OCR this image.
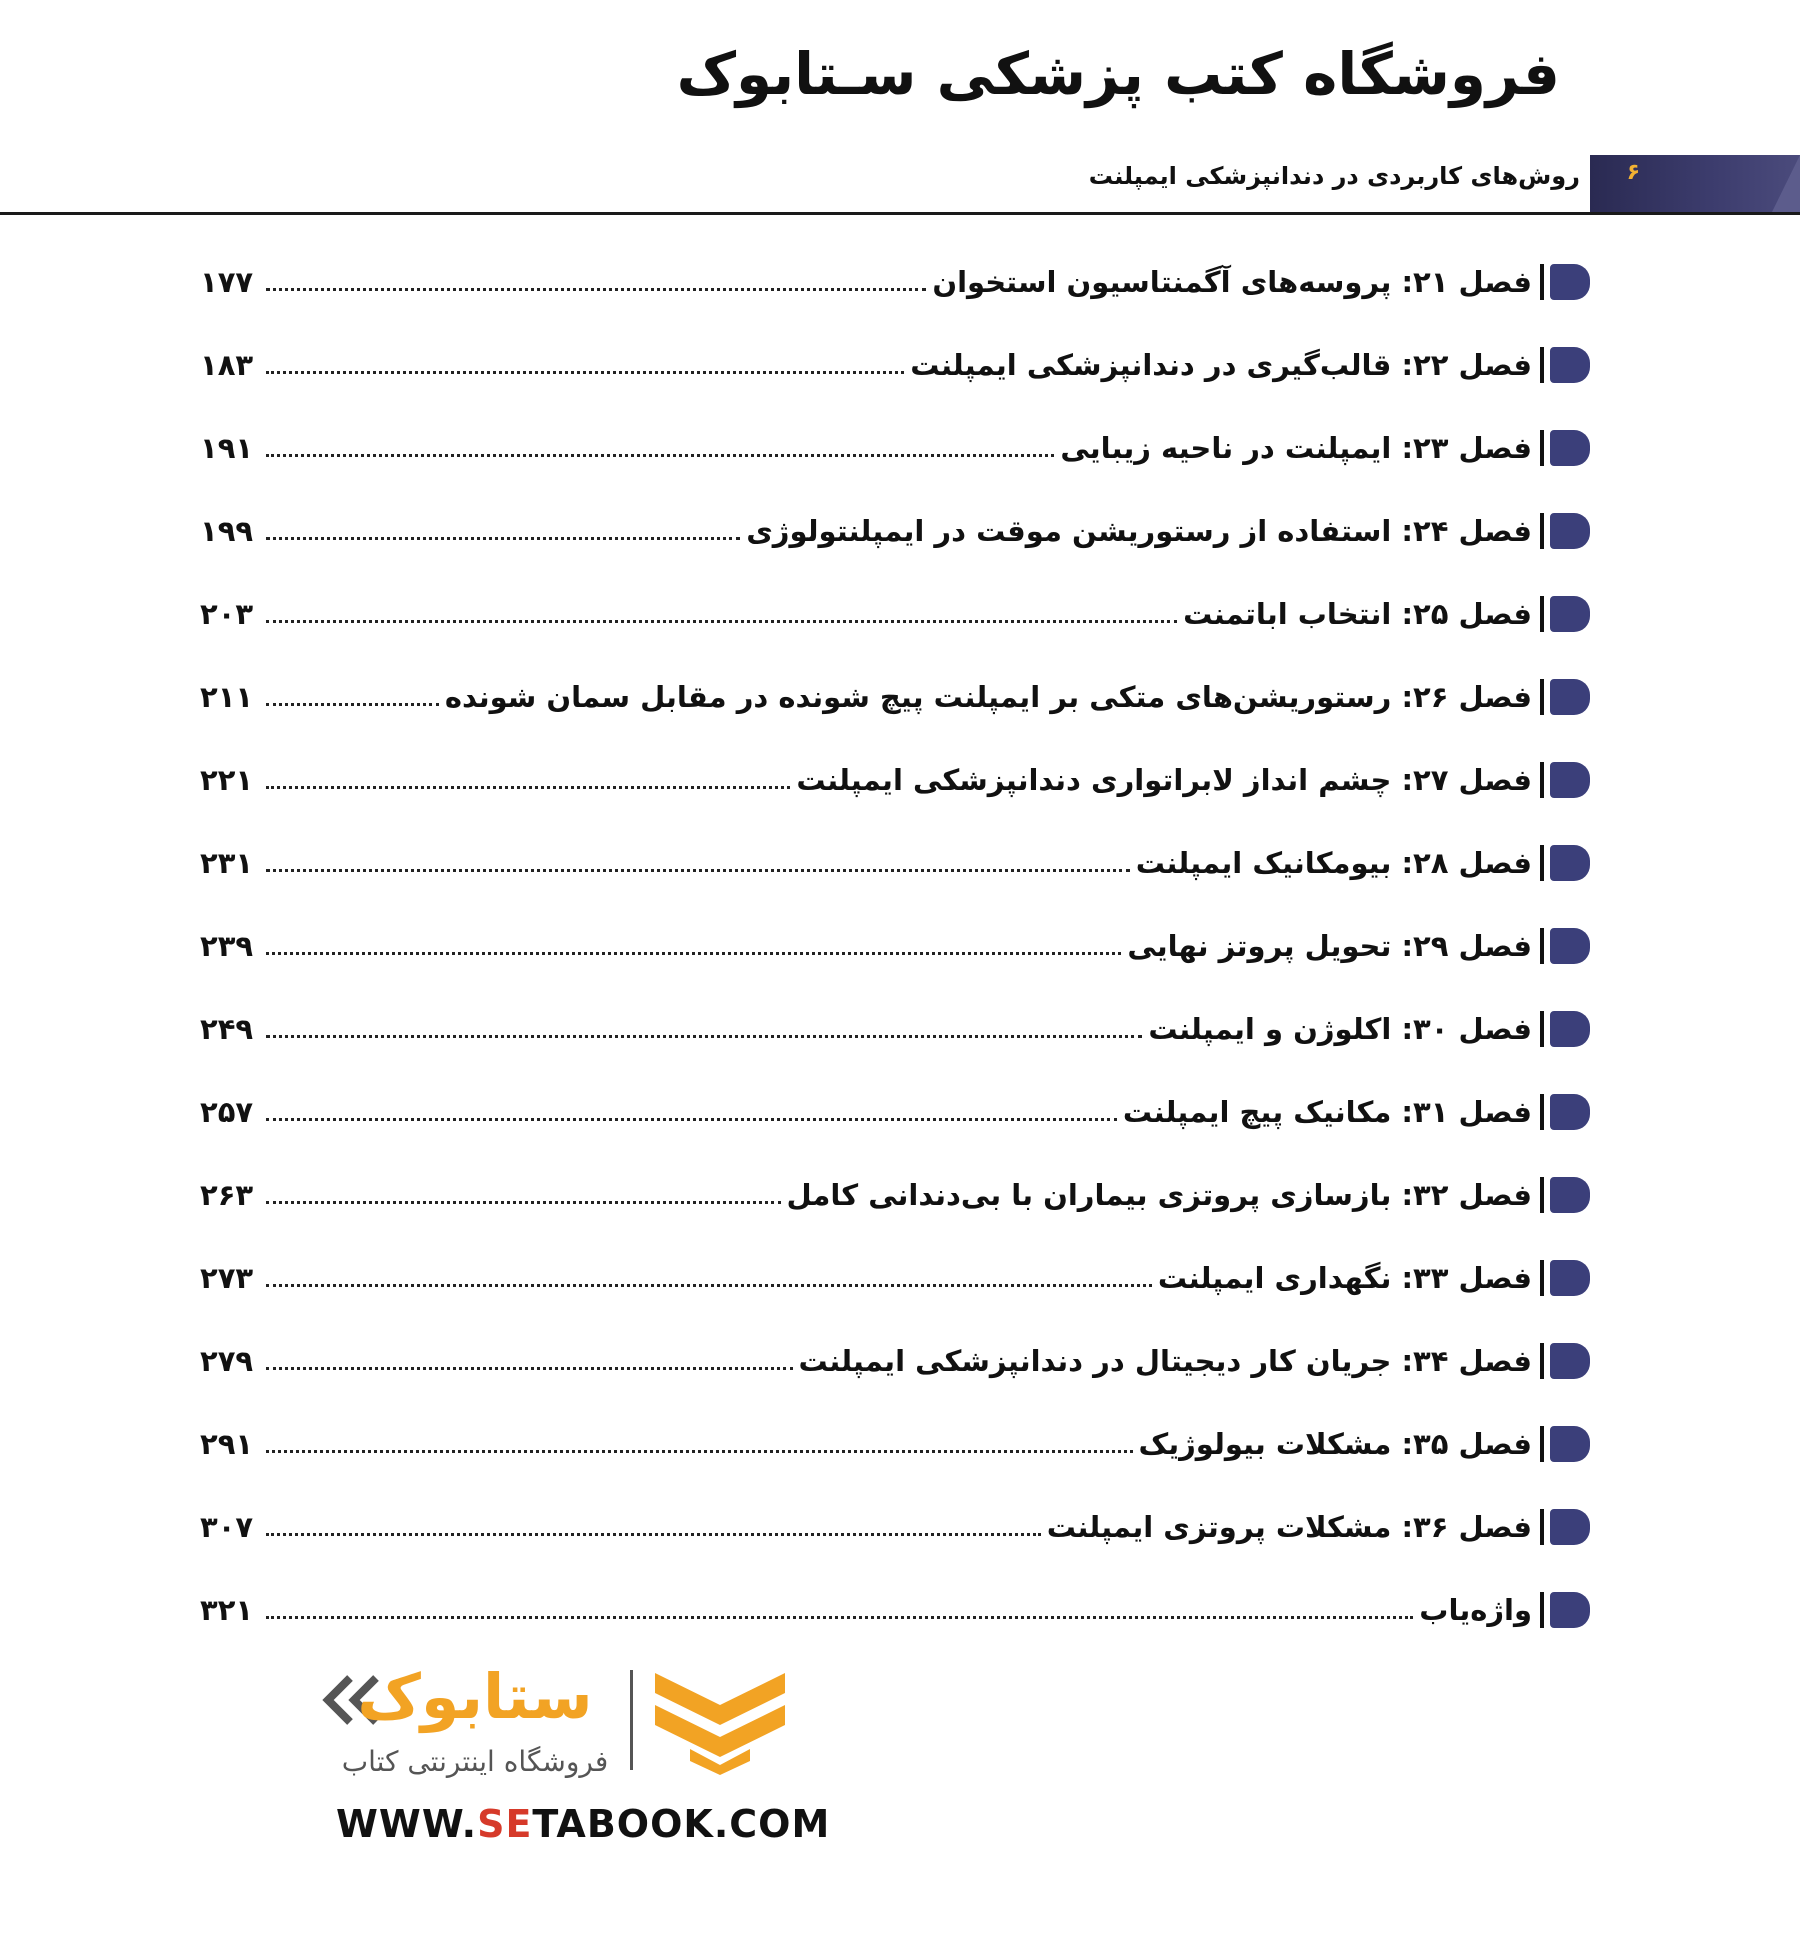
فروشگاه کتب پزشکی سـتابوک
۶
روش‌های کاربردی در دندانپزشکی ایمپلنت
فصل ۲۱: پروسه‌های آگمنتاسیون استخوان
۱۷۷
فصل ۲۲: قالب‌گیری در دندانپزشکی ایمپلنت
۱۸۳
فصل ۲۳: ایمپلنت در ناحیه زیبایی
۱۹۱
فصل ۲۴: استفاده از رستوریشن موقت در ایمپلنتولوژی
۱۹۹
فصل ۲۵: انتخاب اباتمنت
۲۰۳
فصل ۲۶: رستوریشن‌های متکی بر ایمپلنت پیچ شونده در مقابل سمان شونده
۲۱۱
فصل ۲۷: چشم انداز لابراتواری دندانپزشکی ایمپلنت
۲۲۱
فصل ۲۸: بیومکانیک ایمپلنت
۲۳۱
فصل ۲۹: تحویل پروتز نهایی
۲۳۹
فصل ۳۰: اکلوژن و ایمپلنت
۲۴۹
فصل ۳۱: مکانیک پیچ ایمپلنت
۲۵۷
فصل ۳۲: بازسازی پروتزی بیماران با بی‌دندانی کامل
۲۶۳
فصل ۳۳: نگهداری ایمپلنت
۲۷۳
فصل ۳۴: جریان کار دیجیتال در دندانپزشکی ایمپلنت
۲۷۹
فصل ۳۵: مشکلات بیولوژیک
۲۹۱
فصل ۳۶: مشکلات پروتزی ایمپلنت
۳۰۷
واژه‌یاب
۳۲۱
ستابوک
فروشگاه اینترنتی کتاب
WWW.SETABOOK.COM
